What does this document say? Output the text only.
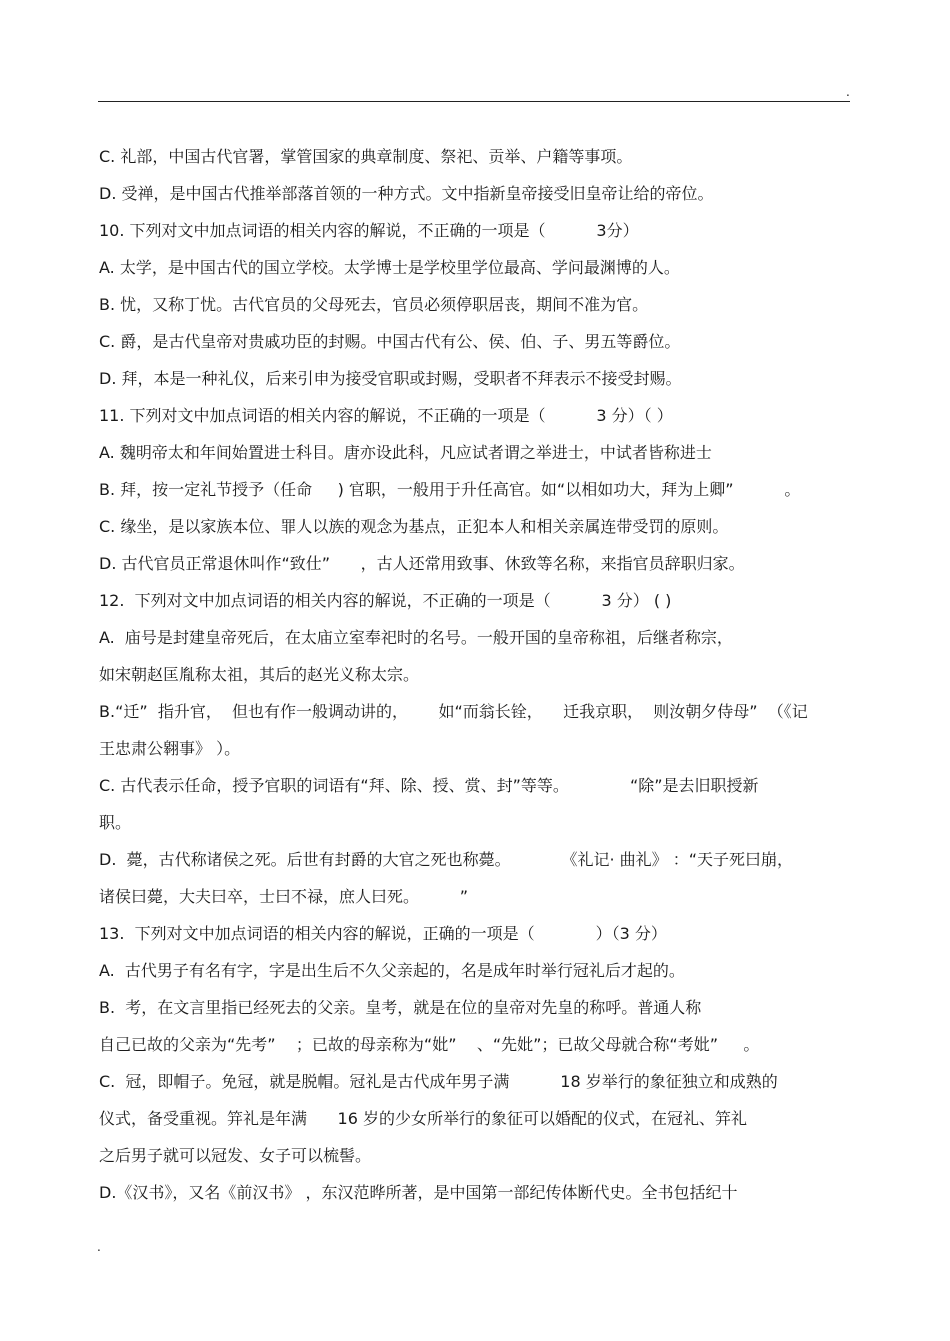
.
C. 礼部，中国古代官署，掌管国家的典章制度、祭祀、贡举、户籍等事项。
D. 受禅，是中国古代推举部落首领的一种方式。文中指新皇帝接受旧皇帝让给的帝位。
10. 下列对文中加点词语的相关内容的解说，不正确的一项是（          3分）
A. 太学，是中国古代的国立学校。太学博士是学校里学位最高、学问最渊博的人。
B. 忧，又称丁忧。古代官员的父母死去，官员必须停职居丧，期间不准为官。
C. 爵，是古代皇帝对贵戚功臣的封赐。中国古代有公、侯、伯、子、男五等爵位。
D. 拜，本是一种礼仪，后来引申为接受官职或封赐，受职者不拜表示不接受封赐。
11. 下列对文中加点词语的相关内容的解说，不正确的一项是（          3 分）（ ）
A. 魏明帝太和年间始置进士科目。唐亦设此科，凡应试者谓之举进士，中试者皆称进士
B. 拜，按一定礼节授予（任命     ) 官职，一般用于升任高官。如“以相如功大，拜为上卿”          。
C. 缘坐，是以家族本位、罪人以族的观念为基点，正犯本人和相关亲属连带受罚的原则。
D. 古代官员正常退休叫作“致仕”      ，古人还常用致事、休致等名称，来指官员辞职归家。
12.  下列对文中加点词语的相关内容的解说，不正确的一项是（          3 分） ( )
A.  庙号是封建皇帝死后，在太庙立室奉祀时的名号。一般开国的皇帝称祖，后继者称宗，
如宋朝赵匡胤称太祖，其后的赵光义称太宗。
B.“迁”  指升官，  但也有作一般调动讲的，      如“而翁长铨，    迁我京职，  则汝朝夕侍母”  （《记
王忠肃公翱事》 ）。
C. 古代表示任命，授予官职的词语有“拜、除、授、赏、封”等等。            “除”是去旧职授新
职。
D.  薨，古代称诸侯之死。后世有封爵的大官之死也称薨。          《礼记· 曲礼》 ：“天子死曰崩，
诸侯曰薨，大夫曰卒，士曰不禄，庶人曰死。        ”
13.  下列对文中加点词语的相关内容的解说，正确的一项是（            ）（3 分）
A.  古代男子有名有字，字是出生后不久父亲起的，名是成年时举行冠礼后才起的。
B.  考，在文言里指已经死去的父亲。皇考，就是在位的皇帝对先皇的称呼。普通人称
自己已故的父亲为“先考”    ；已故的母亲称为“妣”    、“先妣”；已故父母就合称“考妣”     。
C.  冠，即帽子。免冠，就是脱帽。冠礼是古代成年男子满          18 岁举行的象征独立和成熟的
仪式，备受重视。笄礼是年满      16 岁的少女所举行的象征可以婚配的仪式，在冠礼、笄礼
之后男子就可以冠发、女子可以梳髻。
D.《汉书》，又名《前汉书》 ，东汉范晔所著，是中国第一部纪传体断代史。全书包括纪十
.
